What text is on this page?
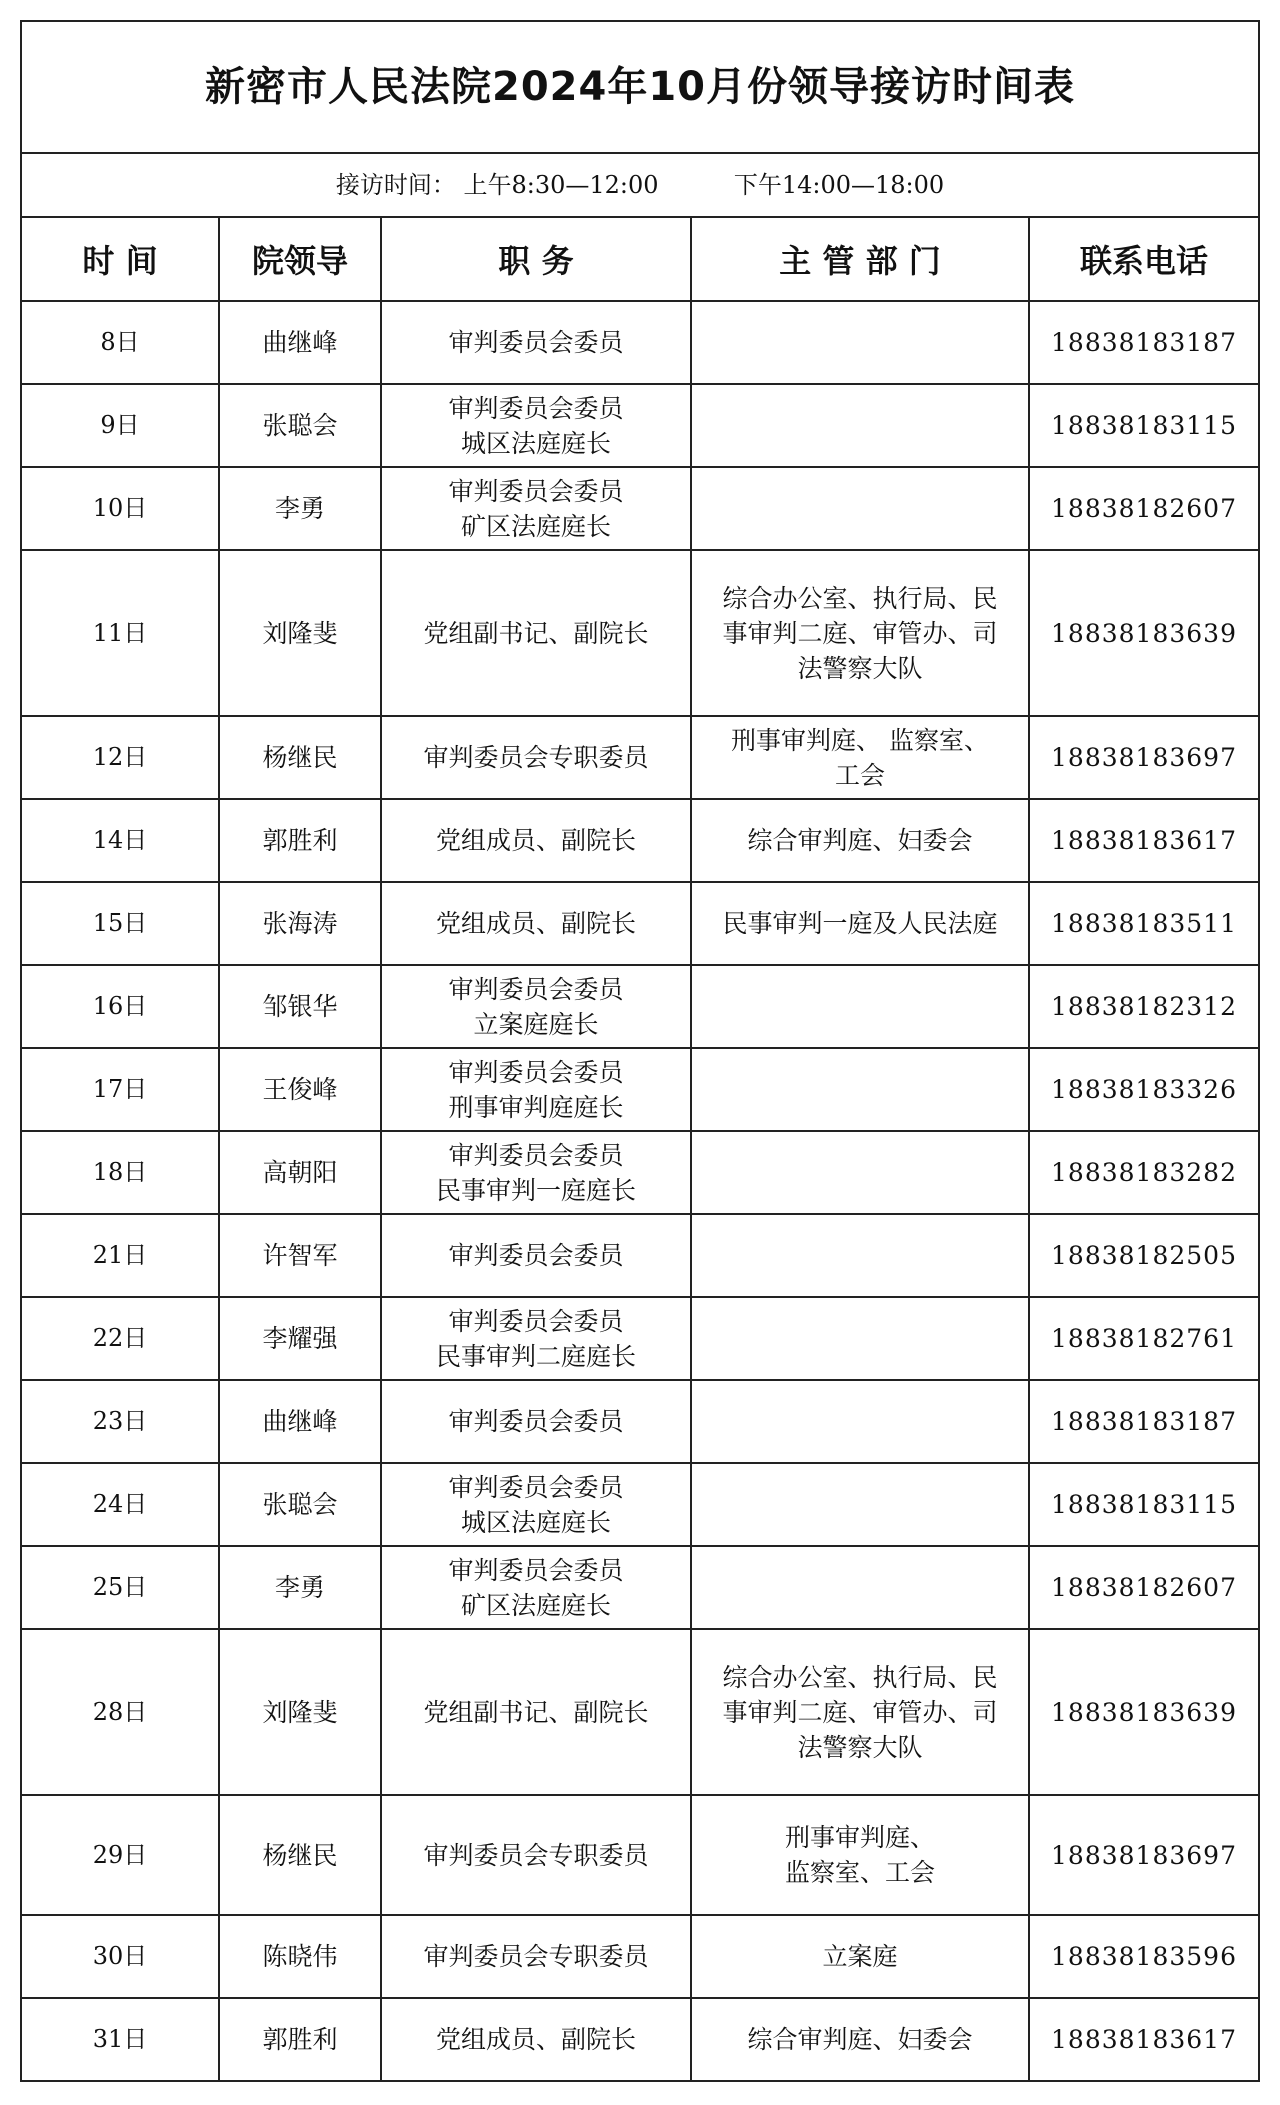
新密市人民法院2024年10月份领导接访时间表				
接访时间： 上午8:30—12:00 下午14:00—18:00				
时 间	院领导	职 务	主 管 部 门	联系电话
8日	曲继峰	审判委员会委员		18838183187
9日	张聪会	审判委员会委员
城区法庭庭长		18838183115
10日	李勇	审判委员会委员
矿区法庭庭长		18838182607
11日	刘隆斐	党组副书记、副院长	综合办公室、执行局、民
事审判二庭、审管办、司
法警察大队	18838183639
12日	杨继民	审判委员会专职委员	刑事审判庭、 监察室、
工会	18838183697
14日	郭胜利	党组成员、副院长	综合审判庭、妇委会	18838183617
15日	张海涛	党组成员、副院长	民事审判一庭及人民法庭	18838183511
16日	邹银华	审判委员会委员
立案庭庭长		18838182312
17日	王俊峰	审判委员会委员
刑事审判庭庭长		18838183326
18日	高朝阳	审判委员会委员
民事审判一庭庭长		18838183282
21日	许智军	审判委员会委员		18838182505
22日	李耀强	审判委员会委员
民事审判二庭庭长		18838182761
23日	曲继峰	审判委员会委员		18838183187
24日	张聪会	审判委员会委员
城区法庭庭长		18838183115
25日	李勇	审判委员会委员
矿区法庭庭长		18838182607
28日	刘隆斐	党组副书记、副院长	综合办公室、执行局、民
事审判二庭、审管办、司
法警察大队	18838183639
29日	杨继民	审判委员会专职委员	刑事审判庭、
监察室、工会	18838183697
30日	陈晓伟	审判委员会专职委员	立案庭	18838183596
31日	郭胜利	党组成员、副院长	综合审判庭、妇委会	18838183617
